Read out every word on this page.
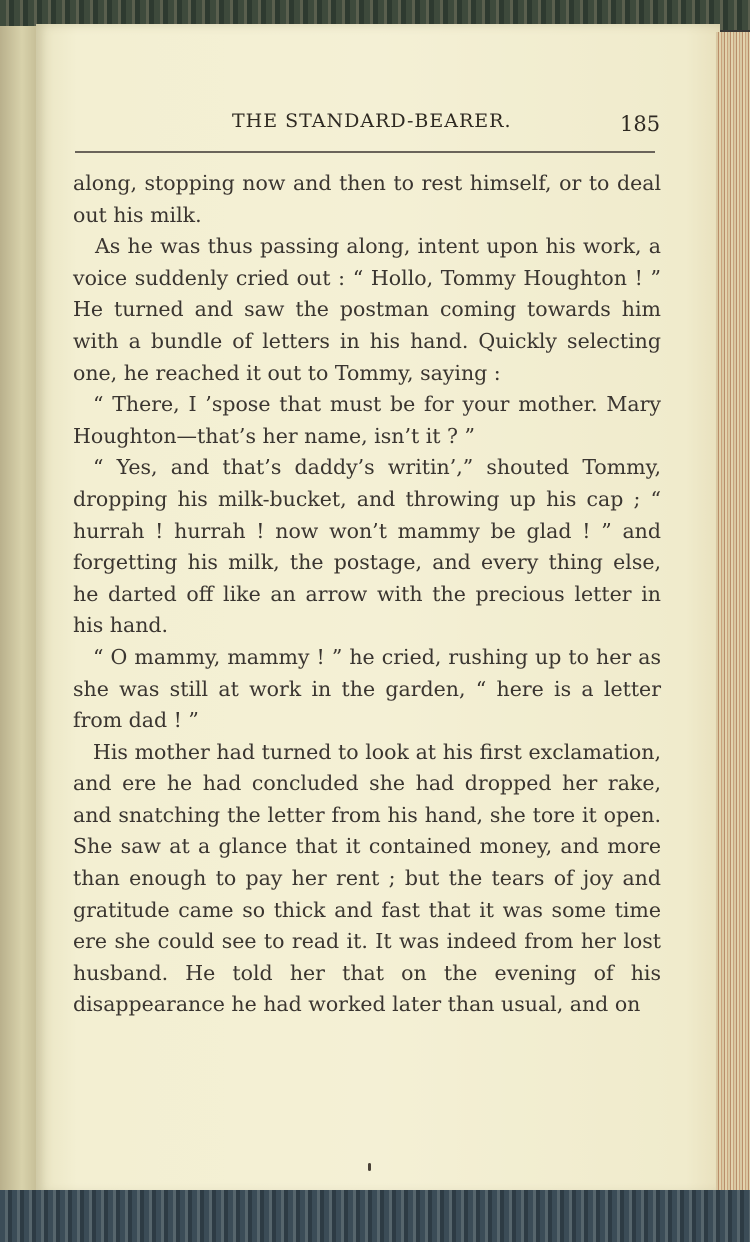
THE STANDARD-BEARER.	185

along, stopping now and then to rest himself, or to deal out his milk.

As he was thus passing along, intent upon his work, a voice suddenly cried out : “ Hollo, Tommy Houghton ! ” He turned and saw the postman coming towards him with a bundle of letters in his hand. Quickly selecting one, he reached it out to Tommy, saying :

“ There, I ’spose that must be for your mother. Mary Houghton—that’s her name, isn’t it ? ”

“ Yes, and that’s daddy’s writin’,” shouted Tommy, dropping his milk-bucket, and throwing up his cap ; “ hurrah ! hurrah ! now won’t mammy be glad ! ” and forgetting his milk, the postage, and every thing else, he darted off like an arrow with the precious letter in his hand.

“ O mammy, mammy ! ” he cried, rushing up to her as she was still at work in the garden, “ here is a letter from dad ! ”

His mother had turned to look at his first exclamation, and ere he had concluded she had dropped her rake, and snatching the letter from his hand, she tore it open. She saw at a glance that it contained money, and more than enough to pay her rent ; but the tears of joy and gratitude came so thick and fast that it was some time ere she could see to read it. It was indeed from her lost husband. He told her that on the evening of his disappearance he had worked later than usual, and on
